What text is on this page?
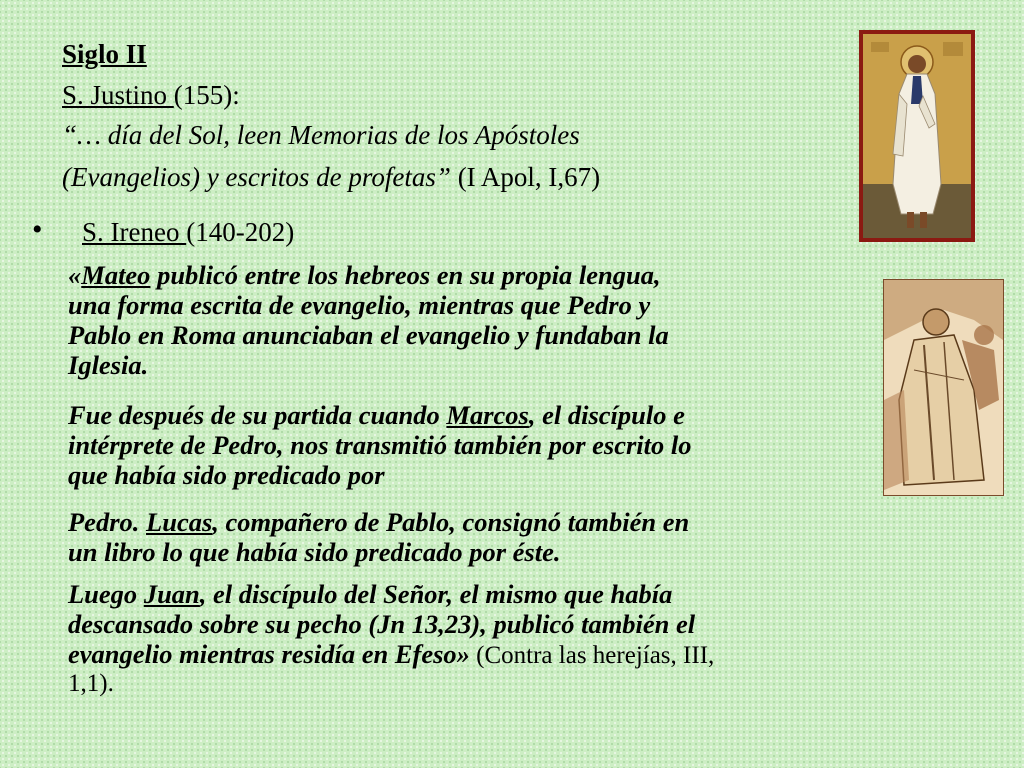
Siglo II
S. Justino (155):
“… día del Sol, leen Memorias de los Apóstoles
(Evangelios) y escritos de profetas” (I Apol, I,67)
• S. Ireneo (140-202)
«Mateo publicó entre los hebreos en su propia lengua,
una forma escrita de evangelio, mientras que Pedro y
Pablo en Roma anunciaban el evangelio y fundaban la
Iglesia.
Fue después de su partida cuando Marcos, el discípulo e
intérprete de Pedro, nos transmitió también por escrito lo
que había sido predicado por
Pedro. Lucas, compañero de Pablo, consignó también en
un libro lo que había sido predicado por éste.
Luego Juan, el discípulo del Señor, el mismo que había
descansado sobre su pecho (Jn 13,23), publicó también el
evangelio mientras residía en Efeso» (Contra las herejías, III,
1,1).
